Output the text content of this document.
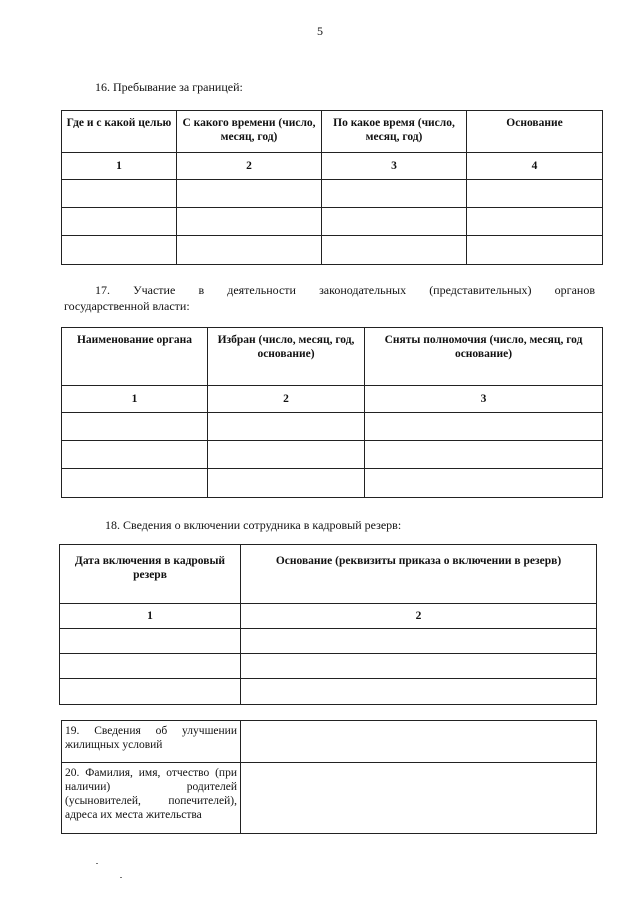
5
16. Пребывание за границей:
Где и с какой целью	С какого времени (число, месяц, год)	По какое время (число, месяц, год)	Основание
1	2	3	4

17. Участие в деятельности законодательных (представительных) органов
государственной власти:
Наименование органа	Избран (число, месяц, год, основание)	Сняты полномочия (число, месяц, год основание)
1	2	3

18. Сведения о включении сотрудника в кадровый резерв:
Дата включения в кадровый резерв	Основание (реквизиты приказа о включении в резерв)
1	2

19. Сведения об улучшении жилищных условий	
20. Фамилия, имя, отчество (при наличии) родителей (усыновителей, попечителей), адреса их места жительства	
